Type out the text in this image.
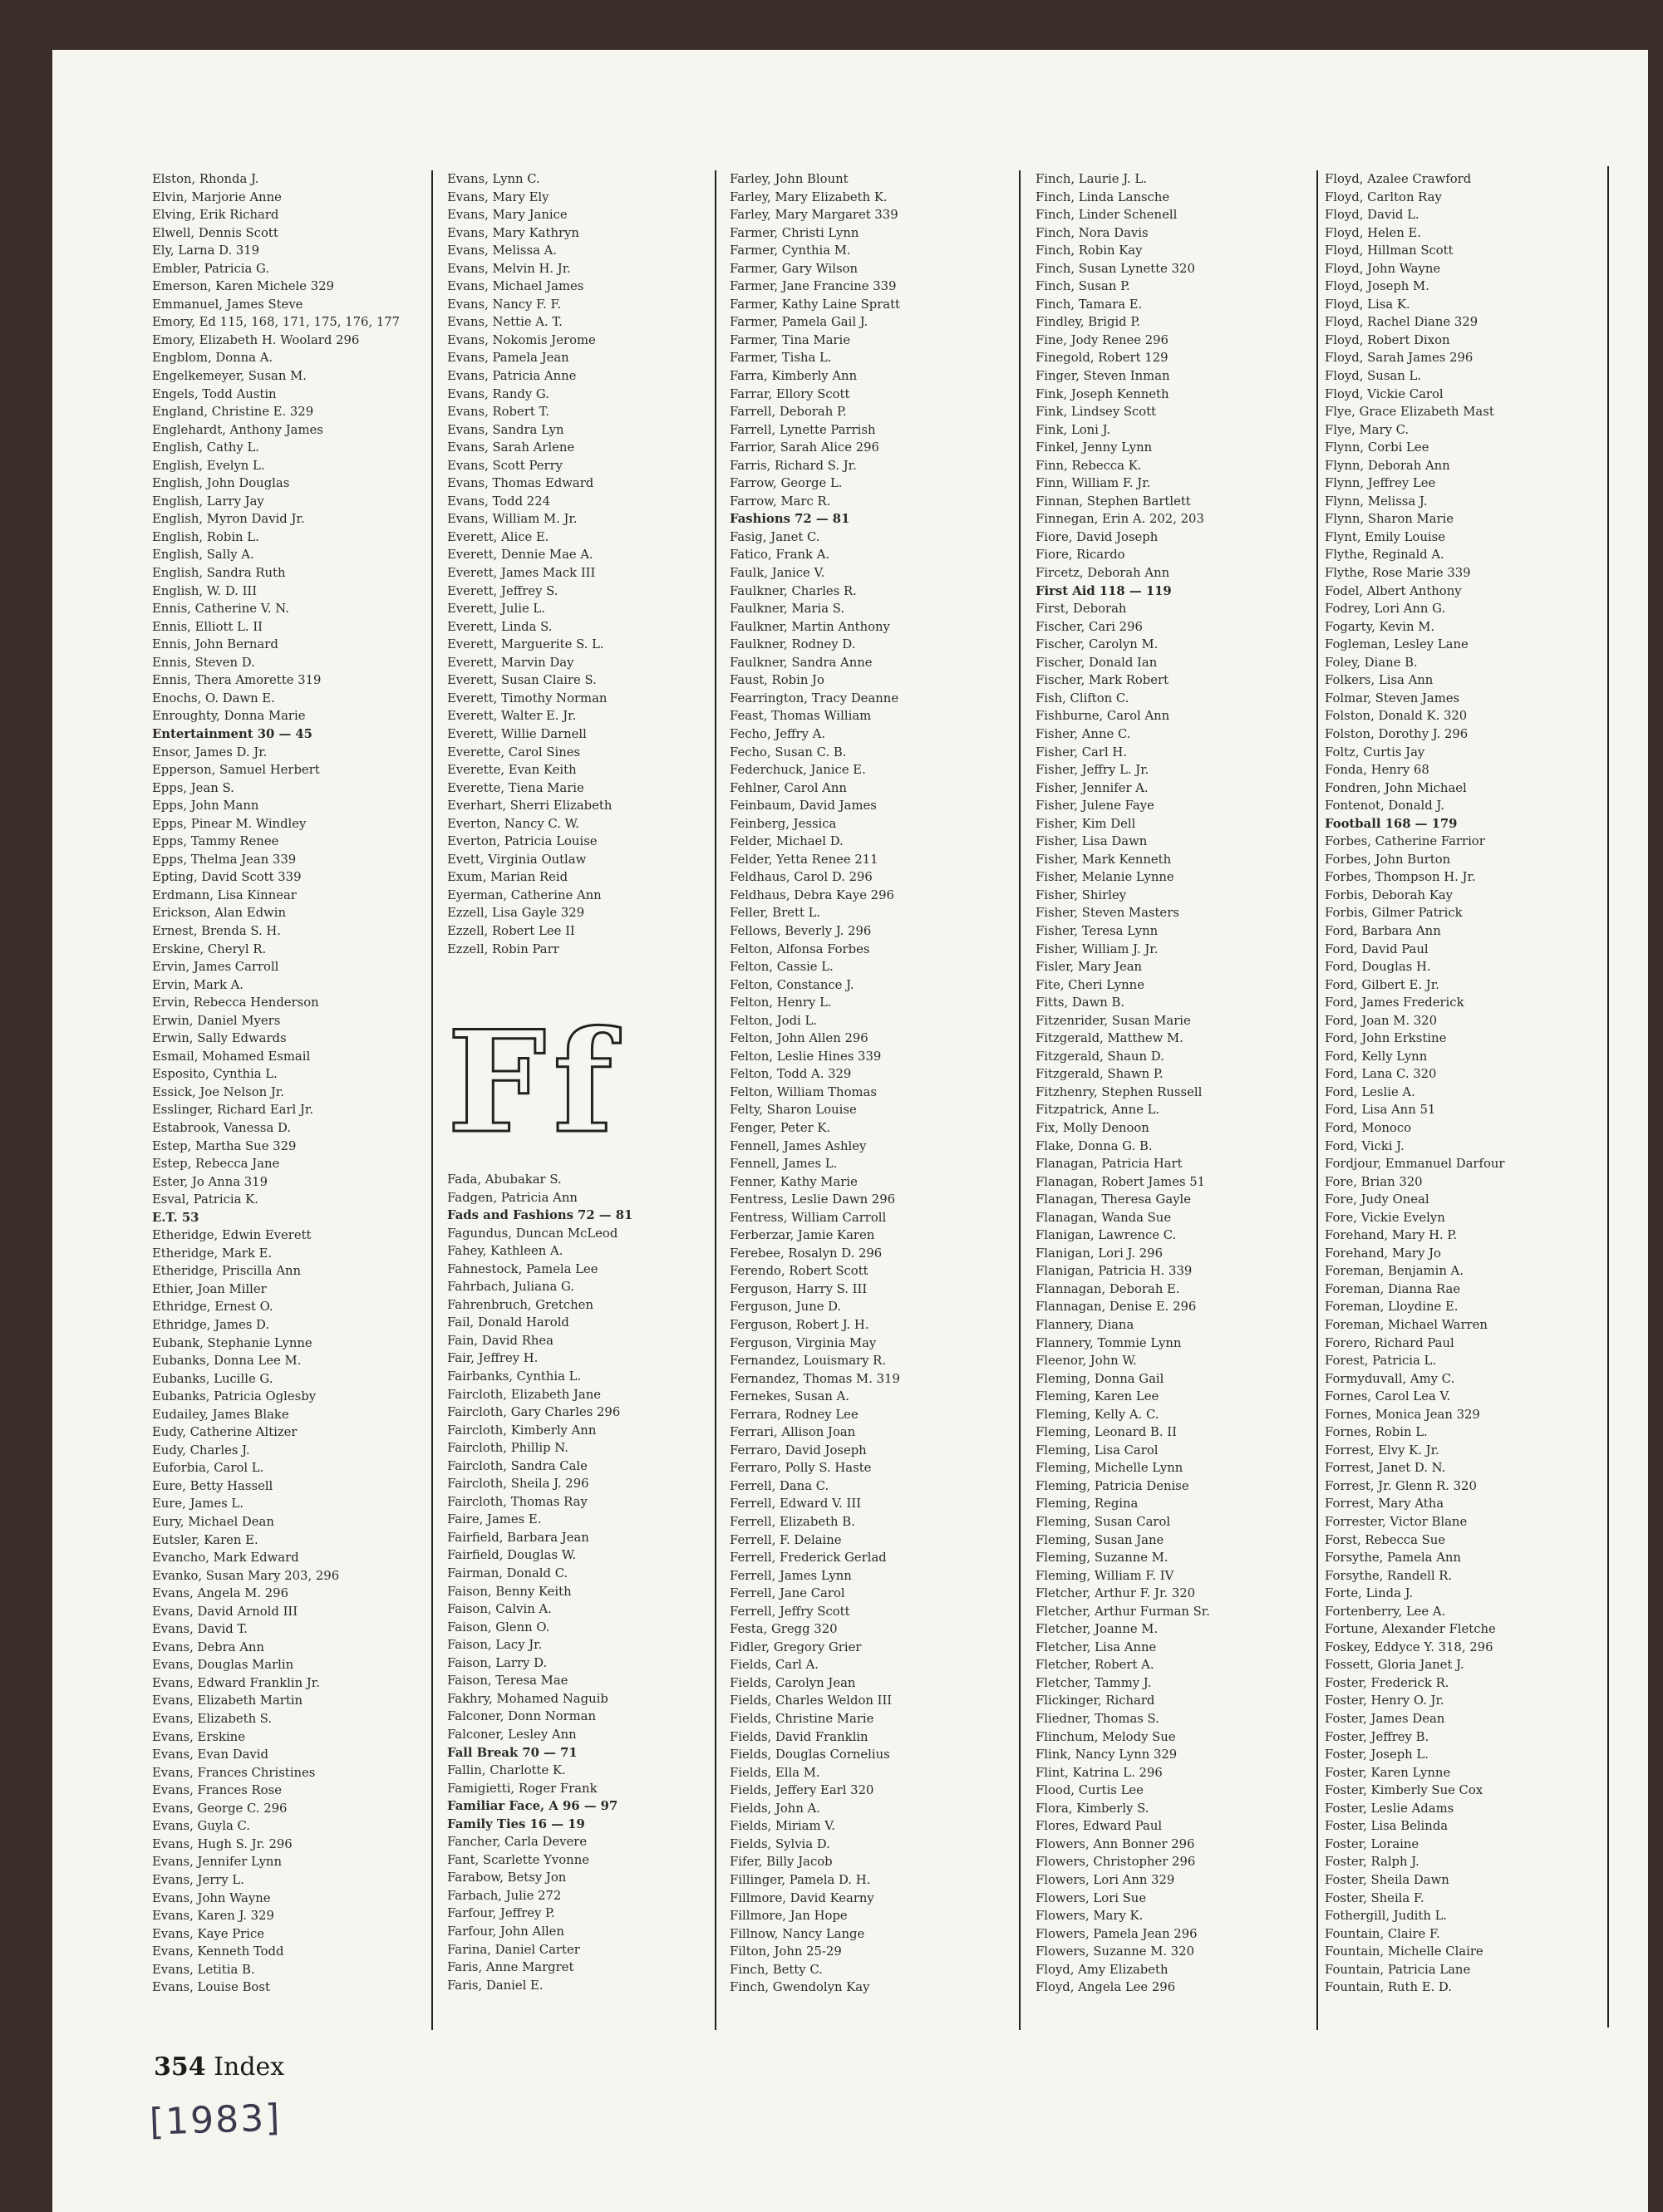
Elston, Rhonda J.
Elvin, Marjorie Anne
Elving, Erik Richard
Elwell, Dennis Scott
Ely, Larna D. 319
Embler, Patricia G.
Emerson, Karen Michele 329
Emmanuel, James Steve
Emory, Ed 115, 168, 171, 175, 176, 177
Emory, Elizabeth H. Woolard 296
Engblom, Donna A.
Engelkemeyer, Susan M.
Engels, Todd Austin
England, Christine E. 329
Englehardt, Anthony James
English, Cathy L.
English, Evelyn L.
English, John Douglas
English, Larry Jay
English, Myron David Jr.
English, Robin L.
English, Sally A.
English, Sandra Ruth
English, W. D. III
Ennis, Catherine V. N.
Ennis, Elliott L. II
Ennis, John Bernard
Ennis, Steven D.
Ennis, Thera Amorette 319
Enochs, O. Dawn E.
Enroughty, Donna Marie
Entertainment 30 — 45
Ensor, James D. Jr.
Epperson, Samuel Herbert
Epps, Jean S.
Epps, John Mann
Epps, Pinear M. Windley
Epps, Tammy Renee
Epps, Thelma Jean 339
Epting, David Scott 339
Erdmann, Lisa Kinnear
Erickson, Alan Edwin
Ernest, Brenda S. H.
Erskine, Cheryl R.
Ervin, James Carroll
Ervin, Mark A.
Ervin, Rebecca Henderson
Erwin, Daniel Myers
Erwin, Sally Edwards
Esmail, Mohamed Esmail
Esposito, Cynthia L.
Essick, Joe Nelson Jr.
Esslinger, Richard Earl Jr.
Estabrook, Vanessa D.
Estep, Martha Sue 329
Estep, Rebecca Jane
Ester, Jo Anna 319
Esval, Patricia K.
E.T. 53
Etheridge, Edwin Everett
Etheridge, Mark E.
Etheridge, Priscilla Ann
Ethier, Joan Miller
Ethridge, Ernest O.
Ethridge, James D.
Eubank, Stephanie Lynne
Eubanks, Donna Lee M.
Eubanks, Lucille G.
Eubanks, Patricia Oglesby
Eudailey, James Blake
Eudy, Catherine Altizer
Eudy, Charles J.
Euforbia, Carol L.
Eure, Betty Hassell
Eure, James L.
Eury, Michael Dean
Eutsler, Karen E.
Evancho, Mark Edward
Evanko, Susan Mary 203, 296
Evans, Angela M. 296
Evans, David Arnold III
Evans, David T.
Evans, Debra Ann
Evans, Douglas Marlin
Evans, Edward Franklin Jr.
Evans, Elizabeth Martin
Evans, Elizabeth S.
Evans, Erskine
Evans, Evan David
Evans, Frances Christines
Evans, Frances Rose
Evans, George C. 296
Evans, Guyla C.
Evans, Hugh S. Jr. 296
Evans, Jennifer Lynn
Evans, Jerry L.
Evans, John Wayne
Evans, Karen J. 329
Evans, Kaye Price
Evans, Kenneth Todd
Evans, Letitia B.
Evans, Louise Bost
Evans, Lynn C.
Evans, Mary Ely
Evans, Mary Janice
Evans, Mary Kathryn
Evans, Melissa A.
Evans, Melvin H. Jr.
Evans, Michael James
Evans, Nancy F. F.
Evans, Nettie A. T.
Evans, Nokomis Jerome
Evans, Pamela Jean
Evans, Patricia Anne
Evans, Randy G.
Evans, Robert T.
Evans, Sandra Lyn
Evans, Sarah Arlene
Evans, Scott Perry
Evans, Thomas Edward
Evans, Todd 224
Evans, William M. Jr.
Everett, Alice E.
Everett, Dennie Mae A.
Everett, James Mack III
Everett, Jeffrey S.
Everett, Julie L.
Everett, Linda S.
Everett, Marguerite S. L.
Everett, Marvin Day
Everett, Susan Claire S.
Everett, Timothy Norman
Everett, Walter E. Jr.
Everett, Willie Darnell
Everette, Carol Sines
Everette, Evan Keith
Everette, Tiena Marie
Everhart, Sherri Elizabeth
Everton, Nancy C. W.
Everton, Patricia Louise
Evett, Virginia Outlaw
Exum, Marian Reid
Eyerman, Catherine Ann
Ezzell, Lisa Gayle 329
Ezzell, Robert Lee II
Ezzell, Robin Parr
Ff
Fada, Abubakar S.
Fadgen, Patricia Ann
Fads and Fashions 72 — 81
Fagundus, Duncan McLeod
Fahey, Kathleen A.
Fahnestock, Pamela Lee
Fahrbach, Juliana G.
Fahrenbruch, Gretchen
Fail, Donald Harold
Fain, David Rhea
Fair, Jeffrey H.
Fairbanks, Cynthia L.
Faircloth, Elizabeth Jane
Faircloth, Gary Charles 296
Faircloth, Kimberly Ann
Faircloth, Phillip N.
Faircloth, Sandra Cale
Faircloth, Sheila J. 296
Faircloth, Thomas Ray
Faire, James E.
Fairfield, Barbara Jean
Fairfield, Douglas W.
Fairman, Donald C.
Faison, Benny Keith
Faison, Calvin A.
Faison, Glenn O.
Faison, Lacy Jr.
Faison, Larry D.
Faison, Teresa Mae
Fakhry, Mohamed Naguib
Falconer, Donn Norman
Falconer, Lesley Ann
Fall Break 70 — 71
Fallin, Charlotte K.
Famigietti, Roger Frank
Familiar Face, A 96 — 97
Family Ties 16 — 19
Fancher, Carla Devere
Fant, Scarlette Yvonne
Farabow, Betsy Jon
Farbach, Julie 272
Farfour, Jeffrey P.
Farfour, John Allen
Farina, Daniel Carter
Faris, Anne Margret
Faris, Daniel E.
Farley, John Blount
Farley, Mary Elizabeth K.
Farley, Mary Margaret 339
Farmer, Christi Lynn
Farmer, Cynthia M.
Farmer, Gary Wilson
Farmer, Jane Francine 339
Farmer, Kathy Laine Spratt
Farmer, Pamela Gail J.
Farmer, Tina Marie
Farmer, Tisha L.
Farra, Kimberly Ann
Farrar, Ellory Scott
Farrell, Deborah P.
Farrell, Lynette Parrish
Farrior, Sarah Alice 296
Farris, Richard S. Jr.
Farrow, George L.
Farrow, Marc R.
Fashions 72 — 81
Fasig, Janet C.
Fatico, Frank A.
Faulk, Janice V.
Faulkner, Charles R.
Faulkner, Maria S.
Faulkner, Martin Anthony
Faulkner, Rodney D.
Faulkner, Sandra Anne
Faust, Robin Jo
Fearrington, Tracy Deanne
Feast, Thomas William
Fecho, Jeffry A.
Fecho, Susan C. B.
Federchuck, Janice E.
Fehlner, Carol Ann
Feinbaum, David James
Feinberg, Jessica
Felder, Michael D.
Felder, Yetta Renee 211
Feldhaus, Carol D. 296
Feldhaus, Debra Kaye 296
Feller, Brett L.
Fellows, Beverly J. 296
Felton, Alfonsa Forbes
Felton, Cassie L.
Felton, Constance J.
Felton, Henry L.
Felton, Jodi L.
Felton, John Allen 296
Felton, Leslie Hines 339
Felton, Todd A. 329
Felton, William Thomas
Felty, Sharon Louise
Fenger, Peter K.
Fennell, James Ashley
Fennell, James L.
Fenner, Kathy Marie
Fentress, Leslie Dawn 296
Fentress, William Carroll
Ferberzar, Jamie Karen
Ferebee, Rosalyn D. 296
Ferendo, Robert Scott
Ferguson, Harry S. III
Ferguson, June D.
Ferguson, Robert J. H.
Ferguson, Virginia May
Fernandez, Louismary R.
Fernandez, Thomas M. 319
Fernekes, Susan A.
Ferrara, Rodney Lee
Ferrari, Allison Joan
Ferraro, David Joseph
Ferraro, Polly S. Haste
Ferrell, Dana C.
Ferrell, Edward V. III
Ferrell, Elizabeth B.
Ferrell, F. Delaine
Ferrell, Frederick Gerlad
Ferrell, James Lynn
Ferrell, Jane Carol
Ferrell, Jeffry Scott
Festa, Gregg 320
Fidler, Gregory Grier
Fields, Carl A.
Fields, Carolyn Jean
Fields, Charles Weldon III
Fields, Christine Marie
Fields, David Franklin
Fields, Douglas Cornelius
Fields, Ella M.
Fields, Jeffery Earl 320
Fields, John A.
Fields, Miriam V.
Fields, Sylvia D.
Fifer, Billy Jacob
Fillinger, Pamela D. H.
Fillmore, David Kearny
Fillmore, Jan Hope
Fillnow, Nancy Lange
Filton, John 25-29
Finch, Betty C.
Finch, Gwendolyn Kay
Finch, Laurie J. L.
Finch, Linda Lansche
Finch, Linder Schenell
Finch, Nora Davis
Finch, Robin Kay
Finch, Susan Lynette 320
Finch, Susan P.
Finch, Tamara E.
Findley, Brigid P.
Fine, Jody Renee 296
Finegold, Robert 129
Finger, Steven Inman
Fink, Joseph Kenneth
Fink, Lindsey Scott
Fink, Loni J.
Finkel, Jenny Lynn
Finn, Rebecca K.
Finn, William F. Jr.
Finnan, Stephen Bartlett
Finnegan, Erin A. 202, 203
Fiore, David Joseph
Fiore, Ricardo
Fircetz, Deborah Ann
First Aid 118 — 119
First, Deborah
Fischer, Cari 296
Fischer, Carolyn M.
Fischer, Donald Ian
Fischer, Mark Robert
Fish, Clifton C.
Fishburne, Carol Ann
Fisher, Anne C.
Fisher, Carl H.
Fisher, Jeffry L. Jr.
Fisher, Jennifer A.
Fisher, Julene Faye
Fisher, Kim Dell
Fisher, Lisa Dawn
Fisher, Mark Kenneth
Fisher, Melanie Lynne
Fisher, Shirley
Fisher, Steven Masters
Fisher, Teresa Lynn
Fisher, William J. Jr.
Fisler, Mary Jean
Fite, Cheri Lynne
Fitts, Dawn B.
Fitzenrider, Susan Marie
Fitzgerald, Matthew M.
Fitzgerald, Shaun D.
Fitzgerald, Shawn P.
Fitzhenry, Stephen Russell
Fitzpatrick, Anne L.
Fix, Molly Denoon
Flake, Donna G. B.
Flanagan, Patricia Hart
Flanagan, Robert James 51
Flanagan, Theresa Gayle
Flanagan, Wanda Sue
Flanigan, Lawrence C.
Flanigan, Lori J. 296
Flanigan, Patricia H. 339
Flannagan, Deborah E.
Flannagan, Denise E. 296
Flannery, Diana
Flannery, Tommie Lynn
Fleenor, John W.
Fleming, Donna Gail
Fleming, Karen Lee
Fleming, Kelly A. C.
Fleming, Leonard B. II
Fleming, Lisa Carol
Fleming, Michelle Lynn
Fleming, Patricia Denise
Fleming, Regina
Fleming, Susan Carol
Fleming, Susan Jane
Fleming, Suzanne M.
Fleming, William F. IV
Fletcher, Arthur F. Jr. 320
Fletcher, Arthur Furman Sr.
Fletcher, Joanne M.
Fletcher, Lisa Anne
Fletcher, Robert A.
Fletcher, Tammy J.
Flickinger, Richard
Fliedner, Thomas S.
Flinchum, Melody Sue
Flink, Nancy Lynn 329
Flint, Katrina L. 296
Flood, Curtis Lee
Flora, Kimberly S.
Flores, Edward Paul
Flowers, Ann Bonner 296
Flowers, Christopher 296
Flowers, Lori Ann 329
Flowers, Lori Sue
Flowers, Mary K.
Flowers, Pamela Jean 296
Flowers, Suzanne M. 320
Floyd, Amy Elizabeth
Floyd, Angela Lee 296
Floyd, Azalee Crawford
Floyd, Carlton Ray
Floyd, David L.
Floyd, Helen E.
Floyd, Hillman Scott
Floyd, John Wayne
Floyd, Joseph M.
Floyd, Lisa K.
Floyd, Rachel Diane 329
Floyd, Robert Dixon
Floyd, Sarah James 296
Floyd, Susan L.
Floyd, Vickie Carol
Flye, Grace Elizabeth Mast
Flye, Mary C.
Flynn, Corbi Lee
Flynn, Deborah Ann
Flynn, Jeffrey Lee
Flynn, Melissa J.
Flynn, Sharon Marie
Flynt, Emily Louise
Flythe, Reginald A.
Flythe, Rose Marie 339
Fodel, Albert Anthony
Fodrey, Lori Ann G.
Fogarty, Kevin M.
Fogleman, Lesley Lane
Foley, Diane B.
Folkers, Lisa Ann
Folmar, Steven James
Folston, Donald K. 320
Folston, Dorothy J. 296
Foltz, Curtis Jay
Fonda, Henry 68
Fondren, John Michael
Fontenot, Donald J.
Football 168 — 179
Forbes, Catherine Farrior
Forbes, John Burton
Forbes, Thompson H. Jr.
Forbis, Deborah Kay
Forbis, Gilmer Patrick
Ford, Barbara Ann
Ford, David Paul
Ford, Douglas H.
Ford, Gilbert E. Jr.
Ford, James Frederick
Ford, Joan M. 320
Ford, John Erkstine
Ford, Kelly Lynn
Ford, Lana C. 320
Ford, Leslie A.
Ford, Lisa Ann 51
Ford, Monoco
Ford, Vicki J.
Fordjour, Emmanuel Darfour
Fore, Brian 320
Fore, Judy Oneal
Fore, Vickie Evelyn
Forehand, Mary H. P.
Forehand, Mary Jo
Foreman, Benjamin A.
Foreman, Dianna Rae
Foreman, Lloydine E.
Foreman, Michael Warren
Forero, Richard Paul
Forest, Patricia L.
Formyduvall, Amy C.
Fornes, Carol Lea V.
Fornes, Monica Jean 329
Fornes, Robin L.
Forrest, Elvy K. Jr.
Forrest, Janet D. N.
Forrest, Jr. Glenn R. 320
Forrest, Mary Atha
Forrester, Victor Blane
Forst, Rebecca Sue
Forsythe, Pamela Ann
Forsythe, Randell R.
Forte, Linda J.
Fortenberry, Lee A.
Fortune, Alexander Fletche
Foskey, Eddyce Y. 318, 296
Fossett, Gloria Janet J.
Foster, Frederick R.
Foster, Henry O. Jr.
Foster, James Dean
Foster, Jeffrey B.
Foster, Joseph L.
Foster, Karen Lynne
Foster, Kimberly Sue Cox
Foster, Leslie Adams
Foster, Lisa Belinda
Foster, Loraine
Foster, Ralph J.
Foster, Sheila Dawn
Foster, Sheila F.
Fothergill, Judith L.
Fountain, Claire F.
Fountain, Michelle Claire
Fountain, Patricia Lane
Fountain, Ruth E. D.
354 Index
[1983]
